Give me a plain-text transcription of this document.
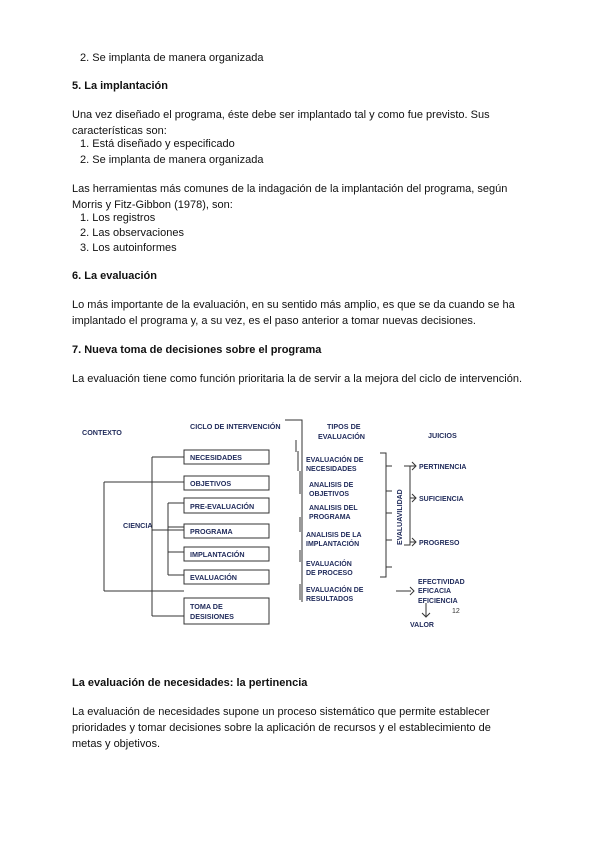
2. Se implanta de manera organizada
5. La implantación
Una vez diseñado el programa, éste debe ser implantado tal y como fue previsto. Sus características son:
1. Está diseñado y especificado
2. Se implanta de manera organizada
Las herramientas más comunes de la indagación de la implantación del programa, según Morris y Fitz-Gibbon (1978), son:
1. Los registros
2. Las observaciones
3. Los autoinformes
6. La evaluación
Lo más importante de la evaluación, en su sentido más amplio, es que se da cuando se ha implantado el programa y, a su vez, es el paso anterior a tomar nuevas decisiones.
7. Nueva toma de decisiones sobre el programa
La evaluación tiene como función prioritaria la de servir a la mejora del ciclo de intervención.
CONTEXTO
CICLO DE INTERVENCIÓN	TIPOS DE
EVALUACIÓN	JUICIOS
CIENCIA
NECESIDADES
OBJETIVOS
PRE-EVALUACIÓN
PROGRAMA
IMPLANTACIÓN
EVALUACIÓN
TOMA DE
DESISIONES
EVALUACIÓN DE
NECESIDADES
ANALISIS DE
OBJETIVOS
ANALISIS DEL
PROGRAMA
ANALISIS DE LA
IMPLANTACIÓN
EVALUACIÓN
DE PROCESO
EVALUACIÓN DE
RESULTADOS
EVALUAVILIDAD
PERTINENCIA
SUFICIENCIA
PROGRESO
EFECTIVIDAD
EFICACIA
EFICIENCIA
VALOR
12
La evaluación de necesidades: la pertinencia
La evaluación de necesidades supone un proceso sistemático que permite establecer prioridades y tomar decisiones sobre la aplicación de recursos y el establecimiento de metas y objetivos.
